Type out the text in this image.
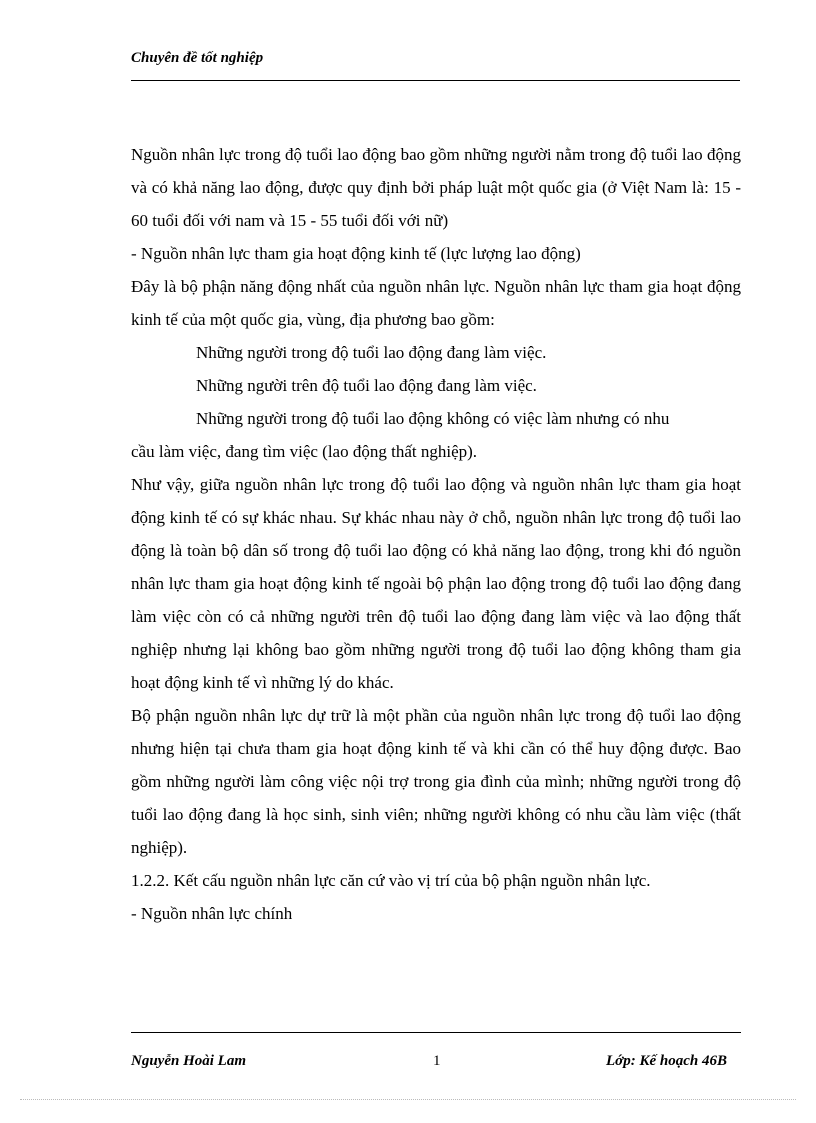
Chuyên đề tốt nghiệp

Nguồn nhân lực trong độ tuổi lao động bao gồm những người nằm trong độ tuổi lao động và có khả năng lao động, được quy định bởi pháp luật một quốc gia (ở Việt Nam là: 15 - 60 tuổi đối với nam và 15 - 55 tuổi đối với nữ)

- Nguồn nhân lực tham gia hoạt động kinh tế (lực lượng lao động)

Đây là bộ phận năng động nhất của nguồn nhân lực. Nguồn nhân lực tham gia hoạt động kinh tế của một quốc gia, vùng, địa phương bao gồm:

Những người trong độ tuổi lao động đang làm việc.

Những người trên độ tuổi lao động đang làm việc.

Những người trong độ tuổi lao động không có việc làm nhưng có nhu

cầu làm việc, đang tìm việc (lao động thất nghiệp).

Như vậy, giữa nguồn nhân lực trong độ tuổi lao động và nguồn nhân lực tham gia hoạt động kinh tế có sự khác nhau. Sự khác nhau này ở chỗ, nguồn nhân lực trong độ tuổi lao động là toàn bộ dân số trong độ tuổi lao động có khả năng lao động, trong khi đó nguồn nhân lực tham gia hoạt động kinh tế ngoài bộ phận lao động trong độ tuổi lao động đang làm việc còn có cả những người trên độ tuổi lao động đang làm việc và lao động thất nghiệp nhưng lại không bao gồm những người trong độ tuổi lao động không tham gia hoạt động kinh tế vì những lý do khác.

Bộ phận nguồn nhân lực dự trữ là một phần của nguồn nhân lực trong độ tuổi lao động nhưng hiện tại chưa tham gia hoạt động kinh tế và khi cần có thể huy động được. Bao gồm những người làm công việc nội trợ trong gia đình của mình; những người trong độ tuổi lao động đang là học sinh, sinh viên; những người không có nhu cầu làm việc (thất nghiệp).

1.2.2. Kết cấu nguồn nhân lực căn cứ vào vị trí của bộ phận nguồn nhân lực.

- Nguồn nhân lực chính

Nguyễn Hoài Lam	1	Lớp: Kế hoạch 46B
